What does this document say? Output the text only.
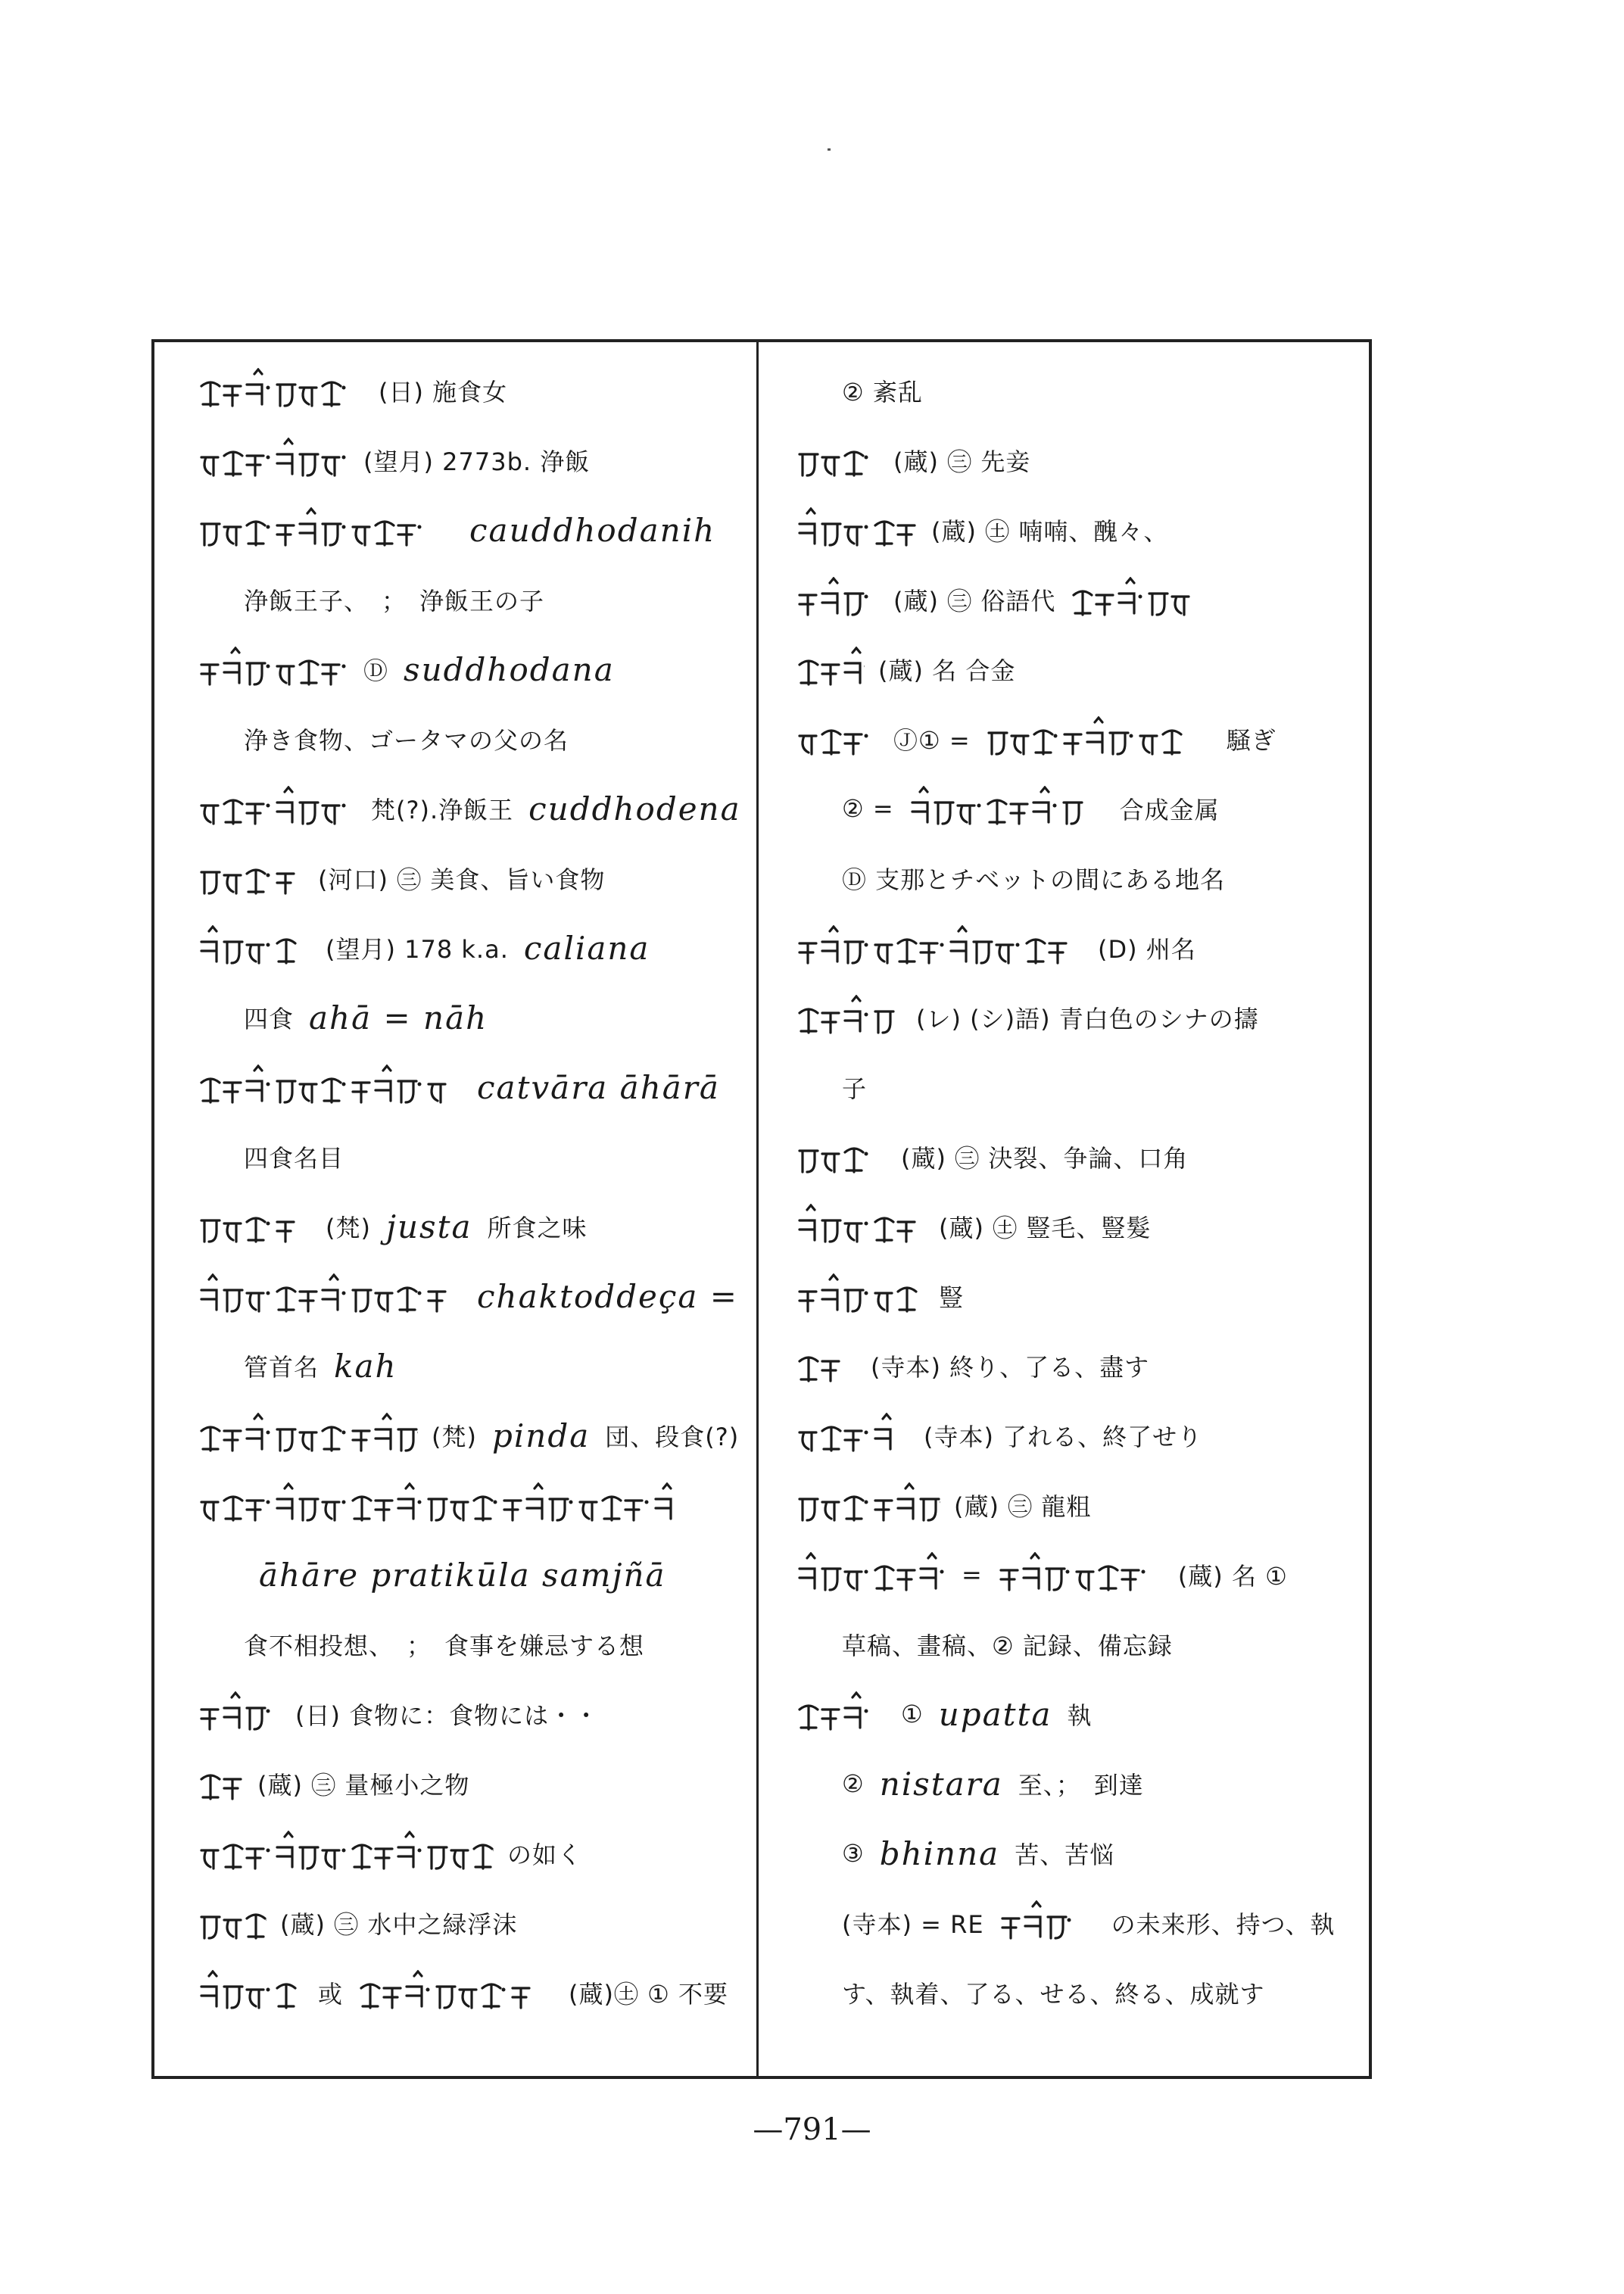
(日) 施食女
(望月) 2773b. 浄飯
cauddhodanih
浄飯王子、　；　浄飯王の子
Ⓓ suddhodana
浄き食物、ゴータマの父の名
梵(?).浄飯王 cuddhodena
(河口) ㊂ 美食、旨い食物
(望月) 178 k.a. caliana
四食 ahā = nāh
catvāra āhārā
四食名目
(梵) justa 所食之味
chaktoddeça =
管首名 kah
(梵) pinda 団、段食(?)
āhāre pratikūla samjñā
食不相投想、　；　食事を嫌忌する想
(日) 食物に：食物には・・
(蔵) ㊂ 量極小之物
の如く
(蔵) ㊂ 水中之緑浮沫
或	(蔵)㊏ ① 不要
② 紊乱
(蔵) ㊂ 先妾
(蔵) ㊏ 喃喃、醜々、
(蔵) ㊂ 俗語代
(蔵) 名 合金
Ⓙ① =	騒ぎ
② =	合成金属
Ⓓ 支那とチベットの間にある地名
(D) 州名
(レ) (シ)語) 青白色のシナの擣
子
(蔵) ㊂ 決裂、争論、口角
(蔵) ㊏ 豎毛、豎髮
豎
(寺本) 終り、了る、盡す
(寺本) 了れる、終了せり
(蔵) ㊂ 龍粗
=	(蔵) 名 ①
草稿、畫稿、② 記録、備忘録
① upatta 執
② nistara 至、；　到達
③ bhinna 苦、苦悩
(寺本) = RE	の未来形、持つ、執
す、執着、了る、せる、終る、成就す
—791—
